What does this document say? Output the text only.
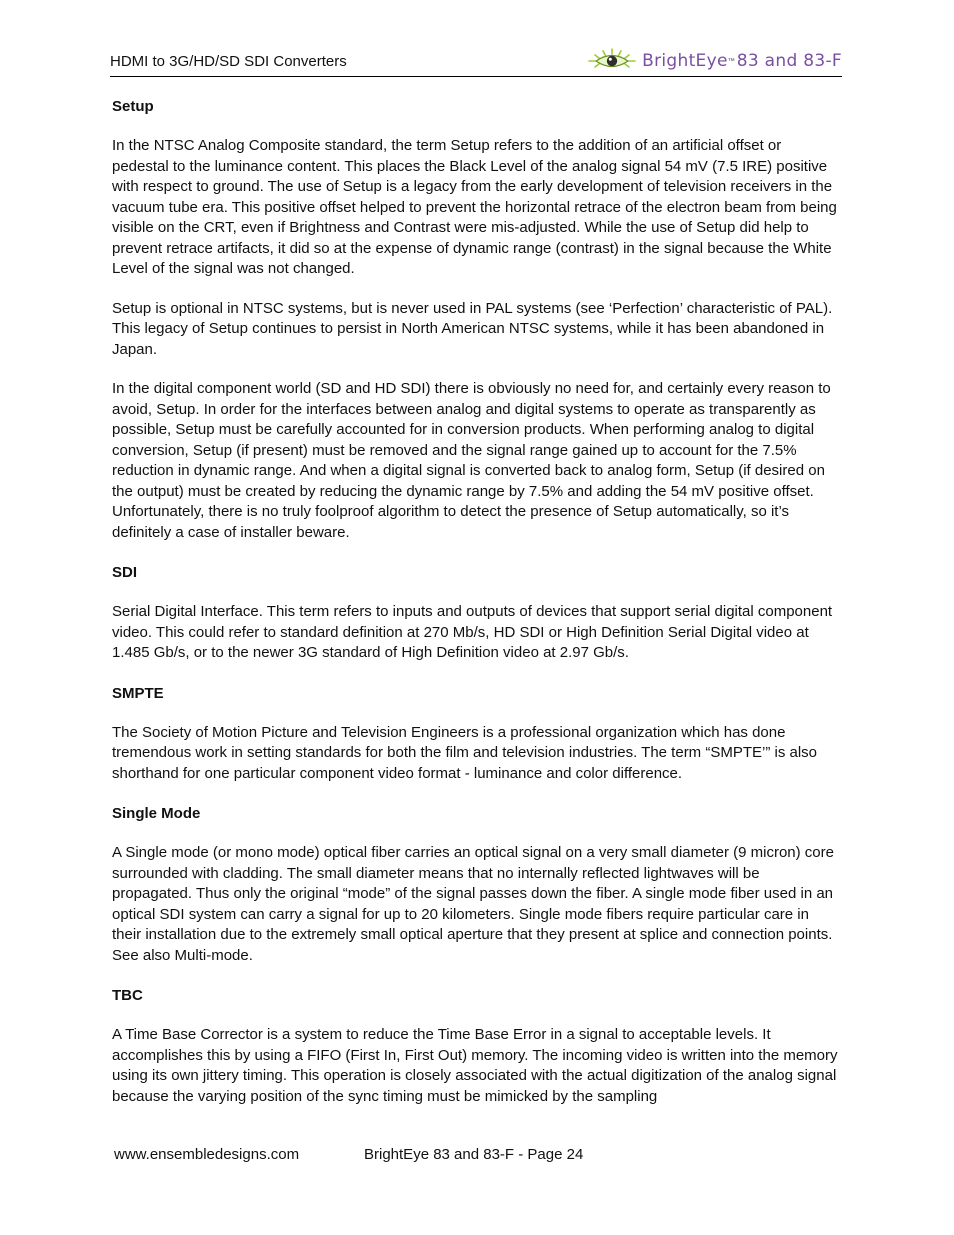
HDMI to 3G/HD/SD SDI Converters	BrightEye ™ 83 and 83-F
Setup

In the NTSC Analog Composite standard, the term Setup refers to the addition of an artificial offset or pedestal to the luminance content. This places the Black Level of the analog signal 54 mV (7.5 IRE) positive with respect to ground. The use of Setup is a legacy from the early development of television receivers in the vacuum tube era. This positive offset helped to prevent the horizontal retrace of the electron beam from being visible on the CRT, even if Brightness and Contrast were mis-adjusted. While the use of Setup did help to prevent retrace artifacts, it did so at the expense of dynamic range (contrast) in the signal because the White Level of the signal was not changed.

Setup is optional in NTSC systems, but is never used in PAL systems (see ‘Perfection’ characteristic of PAL). This legacy of Setup continues to persist in North American NTSC systems, while it has been abandoned in Japan.

In the digital component world (SD and HD SDI) there is obviously no need for, and certainly every reason to avoid, Setup. In order for the interfaces between analog and digital systems to operate as transparently as possible, Setup must be carefully accounted for in conversion products. When performing analog to digital conversion, Setup (if present) must be removed and the signal range gained up to account for the 7.5% reduction in dynamic range. And when a digital signal is converted back to analog form, Setup (if desired on the output) must be created by reducing the dynamic range by 7.5% and adding the 54 mV positive offset. Unfortunately, there is no truly foolproof algorithm to detect the presence of Setup automatically, so it’s definitely a case of installer beware.

SDI

Serial Digital Interface. This term refers to inputs and outputs of devices that support serial digital component video. This could refer to standard definition at 270 Mb/s, HD SDI or High Definition Serial Digital video at 1.485 Gb/s, or to the newer 3G standard of High Definition video at 2.97 Gb/s.

SMPTE

The Society of Motion Picture and Television Engineers is a professional organization which has done tremendous work in setting standards for both the film and television industries. The term “SMPTE’” is also shorthand for one particular component video format - luminance and color difference.

Single Mode

A Single mode (or mono mode) optical fiber carries an optical signal on a very small diameter (9 micron) core surrounded with cladding. The small diameter means that no internally reflected lightwaves will be propagated. Thus only the original “mode” of the signal passes down the fiber. A single mode fiber used in an optical SDI system can carry a signal for up to 20 kilometers. Single mode fibers require particular care in their installation due to the extremely small optical aperture that they present at splice and connection points. See also Multi-mode.

TBC

A Time Base Corrector is a system to reduce the Time Base Error in a signal to acceptable levels. It accomplishes this by using a FIFO (First In, First Out) memory. The incoming video is written into the memory using its own jittery timing. This operation is closely associated with the actual digitization of the analog signal because the varying position of the sync timing must be mimicked by the sampling

www.ensembledesigns.com	BrightEye 83 and 83-F - Page 24
